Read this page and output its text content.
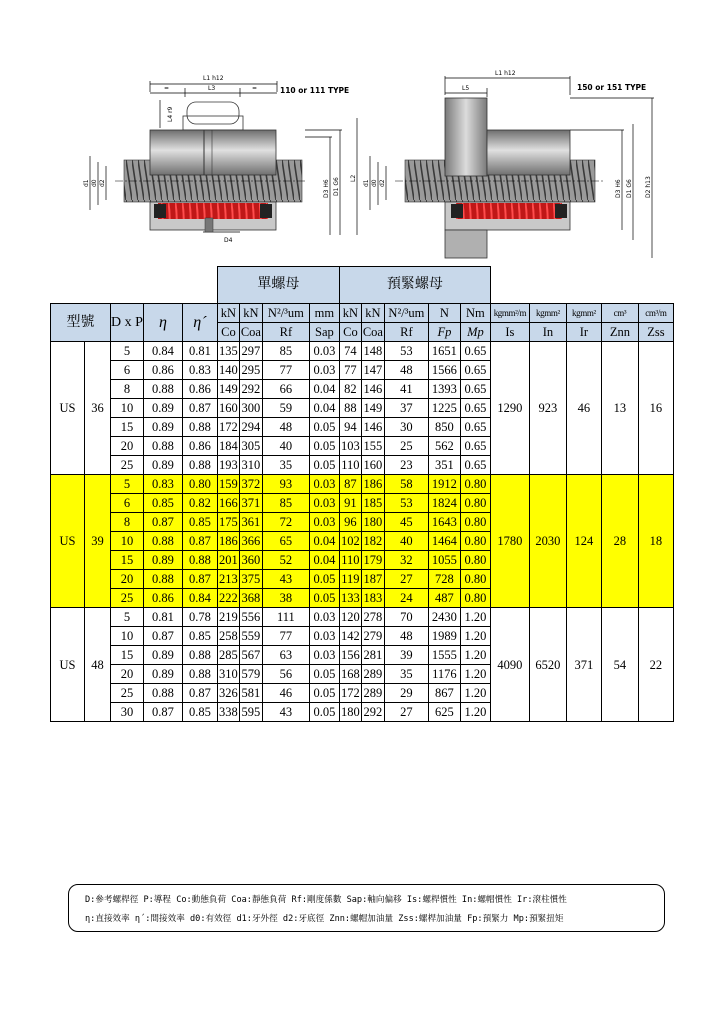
L1 h12
=	L3	=
L4 r9
d1 d0 d2	D3 H6 D1 G6 L2
D4
110 or 111 TYPE
L1 h12
L5
d1 d0 d2	D3 H6 D1 G6 D2 h13
150 or 151 TYPE
					單螺母				預緊螺母									
型號		D x P	η	η´	kN	kN	N²/³um	mm	kN	kN	N²/³um	N	Nm	kgmm²/m	kgmm²	kgmm²	cm³	cm³/m
					Co	Coa	Rf	Sap	Co	Coa	Rf	Fp	Mp	Is	In	Ir	Znn	Zss
US	36	5	0.84	0.81	135	297	85	0.03	74	148	53	1651	0.65	1290	923	46	13	16
		6	0.86	0.83	140	295	77	0.03	77	147	48	1566	0.65					
		8	0.88	0.86	149	292	66	0.04	82	146	41	1393	0.65					
		10	0.89	0.87	160	300	59	0.04	88	149	37	1225	0.65					
		15	0.89	0.88	172	294	48	0.05	94	146	30	850	0.65					
		20	0.88	0.86	184	305	40	0.05	103	155	25	562	0.65					
		25	0.89	0.88	193	310	35	0.05	110	160	23	351	0.65					
US	39	5	0.83	0.80	159	372	93	0.03	87	186	58	1912	0.80	1780	2030	124	28	18
		6	0.85	0.82	166	371	85	0.03	91	185	53	1824	0.80					
		8	0.87	0.85	175	361	72	0.03	96	180	45	1643	0.80					
		10	0.88	0.87	186	366	65	0.04	102	182	40	1464	0.80					
		15	0.89	0.88	201	360	52	0.04	110	179	32	1055	0.80					
		20	0.88	0.87	213	375	43	0.05	119	187	27	728	0.80					
		25	0.86	0.84	222	368	38	0.05	133	183	24	487	0.80					
US	48	5	0.81	0.78	219	556	111	0.03	120	278	70	2430	1.20	4090	6520	371	54	22
		10	0.87	0.85	258	559	77	0.03	142	279	48	1989	1.20					
		15	0.89	0.88	285	567	63	0.03	156	281	39	1555	1.20					
		20	0.89	0.88	310	579	56	0.05	168	289	35	1176	1.20					
		25	0.88	0.87	326	581	46	0.05	172	289	29	867	1.20					
		30	0.87	0.85	338	595	43	0.05	180	292	27	625	1.20					
D:參考螺桿徑 P:導程 Co:動態負荷 Coa:靜態負荷 Rf:剛度係數 Sap:軸向偏移 Is:螺桿慣性 In:螺帽慣性 Ir:滾柱慣性
η:直接效率 η´:間接效率 d0:有效徑 d1:牙外徑 d2:牙底徑 Znn:螺帽加油量 Zss:螺桿加油量 Fp:預緊力 Mp:預緊扭矩
